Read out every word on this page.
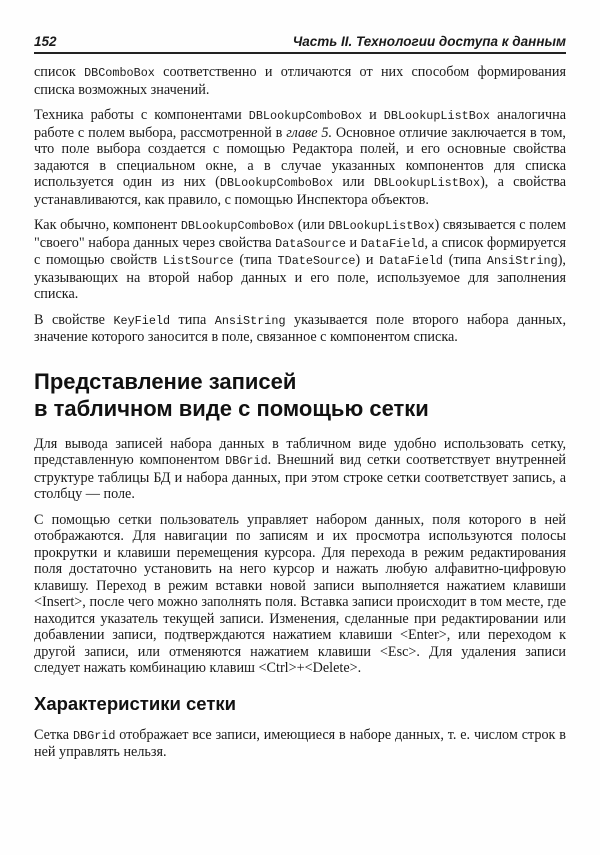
152	Часть II. Технологии доступа к данным

список DBComboBox соответственно и отличаются от них способом формирования списка возможных значений.

Техника работы с компонентами DBLookupComboBox и DBLookupListBox аналогична работе с полем выбора, рассмотренной в главе 5. Основное отличие заключается в том, что поле выбора создается с помощью Редактора полей, и его основные свойства задаются в специальном окне, а в случае указанных компонентов для списка используется один из них (DBLookupComboBox или DBLookupListBox), а свойства устанавливаются, как правило, с помощью Инспектора объектов.

Как обычно, компонент DBLookupComboBox (или DBLookupListBox) связывается с полем "своего" набора данных через свойства DataSource и DataField, а список формируется с помощью свойств ListSource (типа TDateSource) и DataField (типа AnsiString), указывающих на второй набор данных и его поле, используемое для заполнения списка.

В свойстве KeyField типа AnsiString указывается поле второго набора данных, значение которого заносится в поле, связанное с компонентом списка.

Представление записей
в табличном виде с помощью сетки

Для вывода записей набора данных в табличном виде удобно использовать сетку, представленную компонентом DBGrid. Внешний вид сетки соответствует внутренней структуре таблицы БД и набора данных, при этом строке сетки соответствует запись, а столбцу — поле.

С помощью сетки пользователь управляет набором данных, поля которого в ней отображаются. Для навигации по записям и их просмотра используются полосы прокрутки и клавиши перемещения курсора. Для перехода в режим редактирования поля достаточно установить на него курсор и нажать любую алфавитно-цифровую клавишу. Переход в режим вставки новой записи выполняется нажатием клавиши <Insert>, после чего можно заполнять поля. Вставка записи происходит в том месте, где находится указатель текущей записи. Изменения, сделанные при редактировании или добавлении записи, подтверждаются нажатием клавиши <Enter>, или переходом к другой записи, или отменяются нажатием клавиши <Esc>. Для удаления записи следует нажать комбинацию клавиш <Ctrl>+<Delete>.

Характеристики сетки

Сетка DBGrid отображает все записи, имеющиеся в наборе данных, т. е. числом строк в ней управлять нельзя.
